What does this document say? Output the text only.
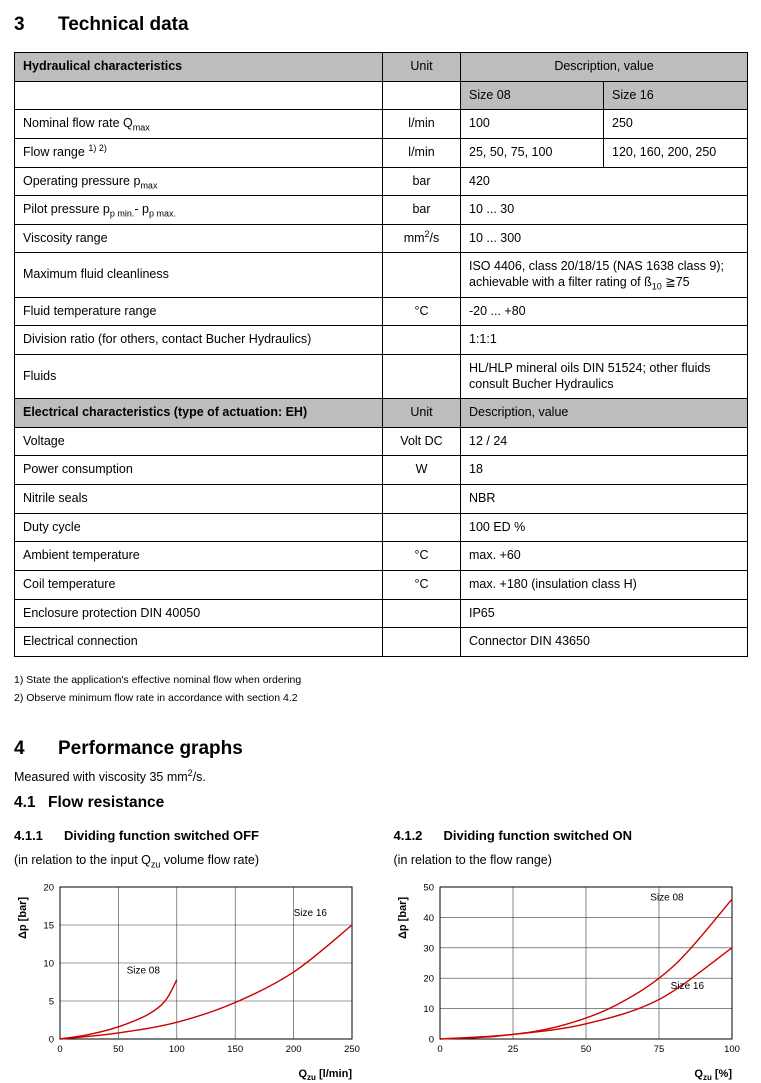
3	Technical data
Hydraulical characteristics	Unit	Description, value	
		Size 08	Size 16
Nominal flow rate $Q_{max}$	l/min	100	250
Flow range $^{1) 2)}$	l/min	25, 50, 75, 100	120, 160, 200, 250
Operating pressure $p_{max}$	bar	420	
Pilot pressure $p_{p min.}-$ $p_{p max.}$	bar	10 ... 30	
Viscosity range	$mm^2/s$	10 ... 300	
Maximum fluid cleanliness		ISO 4406, class 20/18/15 (NAS 1638 class 9); achievable with a filter rating of $ß_{10}$ ≧75	
Fluid temperature range	°C	-20 ... +80	
Division ratio (for others, contact Bucher Hydraulics)		1:1:1	
Fluids		HL/HLP mineral oils DIN 51524; other fluids consult Bucher Hydraulics	
Electrical characteristics (type of actuation: EH)	Unit	Description, value	
Voltage	Volt DC	12 / 24	
Power consumption	W	18	
Nitrile seals		NBR	
Duty cycle		100 ED %	
Ambient temperature	°C	max. +60	
Coil temperature	°C	max. +180 (insulation class H)	
Enclosure protection DIN 40050		IP65	
Electrical connection		Connector DIN 43650	

1) State the application's effective nominal flow when ordering

2) Observe minimum flow rate in accordance with section 4.2

4	Performance graphs

Measured with viscosity 35 $mm^2/s$.

4.1 Flow resistance
4.1.1	Dividing function switched OFF

(in relation to the input $Q_{zu}$ volume flow rate)

0	50	100	150	200	250
0
5
10
15
20
Size 08
Size 16
$Q_{zu}$ [l/min]
Δp [bar]
4.1.2	Dividing function switched ON

(in relation to the flow range)

0	25	50	75	100
0
10
20
30
40
50
Size 08
Size 16
$Q_{zu}$ [%]
Δp [bar]
